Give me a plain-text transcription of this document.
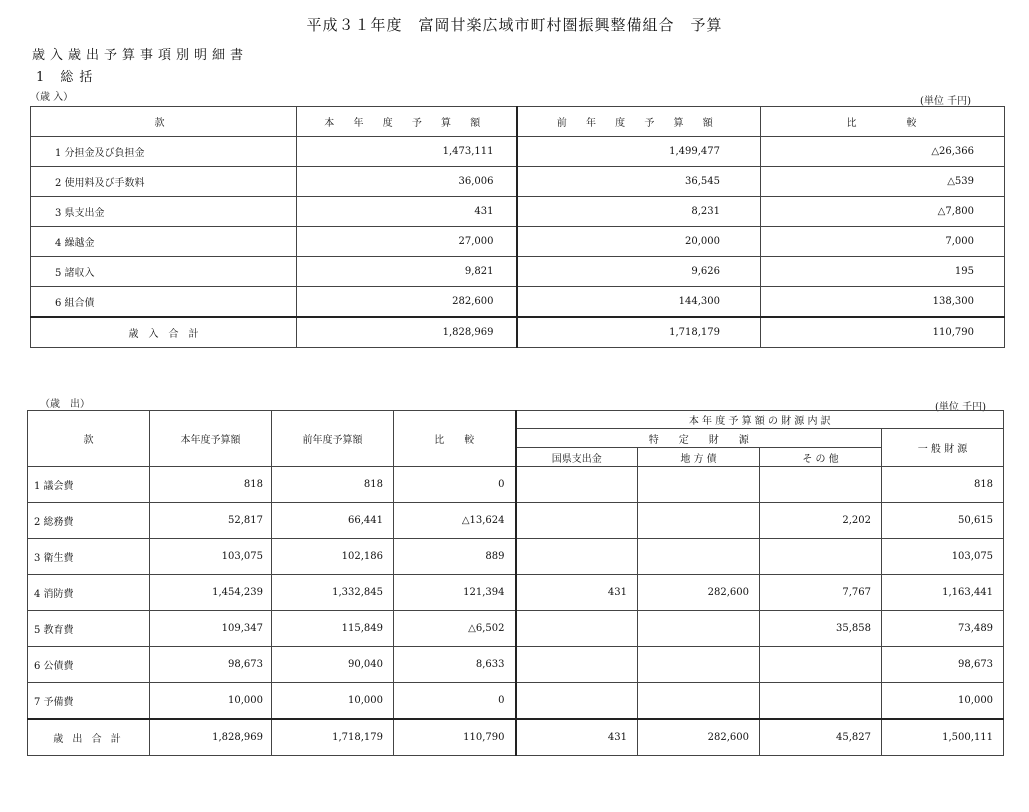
平成３１年度　富岡甘楽広域市町村圏振興整備組合　予算
歳入歳出予算事項別明細書
1 総括
（歳 入）	(単位 千円)
款	本 年 度 予 算 額	前 年 度 予 算 額	比　　　　較
1 分担金及び負担金	1,473,111	1,499,477	△26,366
2 使用料及び手数料	36,006	36,545	△539
3 県支出金	431	8,231	△7,800
4 繰越金	27,000	20,000	7,000
5 諸収入	9,821	9,626	195
6 組合債	282,600	144,300	138,300
歳　入　合　計	1,828,969	1,718,179	110,790
（歳　出）	(単位 千円)
款	本年度予算額	前年度予算額	比　　較	本 年 度 予 算 額 の 財 源 内 訳			
				特　　定　　財　　源			一 般 財 源
				国県支出金	地 方 債	そ の 他	
1 議会費	818	818	0				818
2 総務費	52,817	66,441	△13,624			2,202	50,615
3 衛生費	103,075	102,186	889				103,075
4 消防費	1,454,239	1,332,845	121,394	431	282,600	7,767	1,163,441
5 教育費	109,347	115,849	△6,502			35,858	73,489
6 公債費	98,673	90,040	8,633				98,673
7 予備費	10,000	10,000	0				10,000
歳 出 合 計	1,828,969	1,718,179	110,790	431	282,600	45,827	1,500,111
